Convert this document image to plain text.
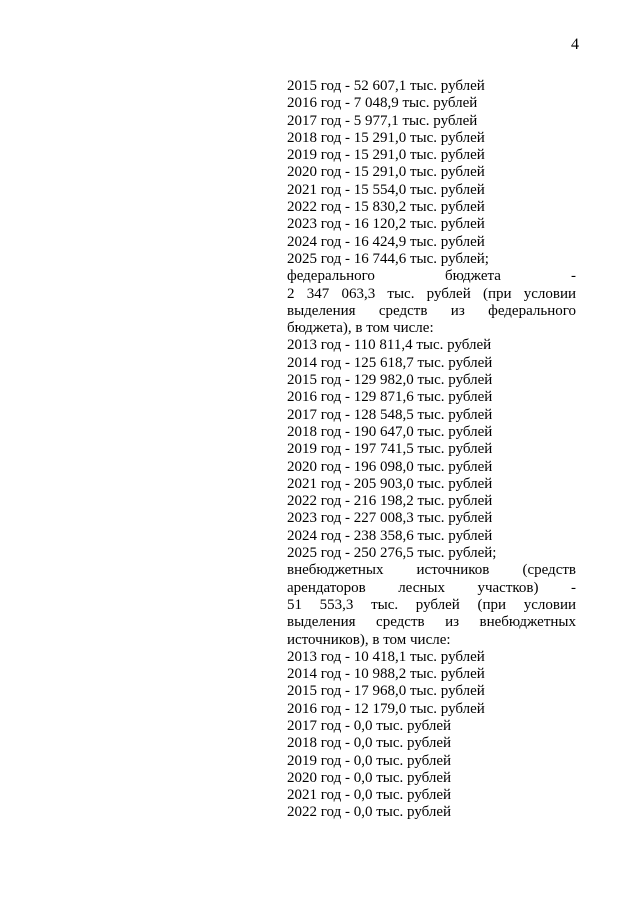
4
2015 год - 52 607,1 тыс. рублей
2016 год - 7 048,9 тыс. рублей
2017 год - 5 977,1 тыс. рублей
2018 год - 15 291,0 тыс. рублей
2019 год - 15 291,0 тыс. рублей
2020 год - 15 291,0 тыс. рублей
2021 год - 15 554,0 тыс. рублей
2022 год - 15 830,2 тыс. рублей
2023 год - 16 120,2 тыс. рублей
2024 год - 16 424,9 тыс. рублей
2025 год - 16 744,6 тыс. рублей;
федерального бюджета -
2 347 063,3 тыс. рублей (при условии
выделения средств из федерального
бюджета), в том числе:
2013 год - 110 811,4 тыс. рублей
2014 год - 125 618,7 тыс. рублей
2015 год - 129 982,0 тыс. рублей
2016 год - 129 871,6 тыс. рублей
2017 год - 128 548,5 тыс. рублей
2018 год - 190 647,0 тыс. рублей
2019 год - 197 741,5 тыс. рублей
2020 год - 196 098,0 тыс. рублей
2021 год - 205 903,0 тыс. рублей
2022 год - 216 198,2 тыс. рублей
2023 год - 227 008,3 тыс. рублей
2024 год - 238 358,6 тыс. рублей
2025 год - 250 276,5 тыс. рублей;
внебюджетных источников (средств
арендаторов лесных участков) -
51 553,3 тыс. рублей (при условии
выделения средств из внебюджетных
источников), в том числе:
2013 год - 10 418,1 тыс. рублей
2014 год - 10 988,2 тыс. рублей
2015 год - 17 968,0 тыс. рублей
2016 год - 12 179,0 тыс. рублей
2017 год - 0,0 тыс. рублей
2018 год - 0,0 тыс. рублей
2019 год - 0,0 тыс. рублей
2020 год - 0,0 тыс. рублей
2021 год - 0,0 тыс. рублей
2022 год - 0,0 тыс. рублей
